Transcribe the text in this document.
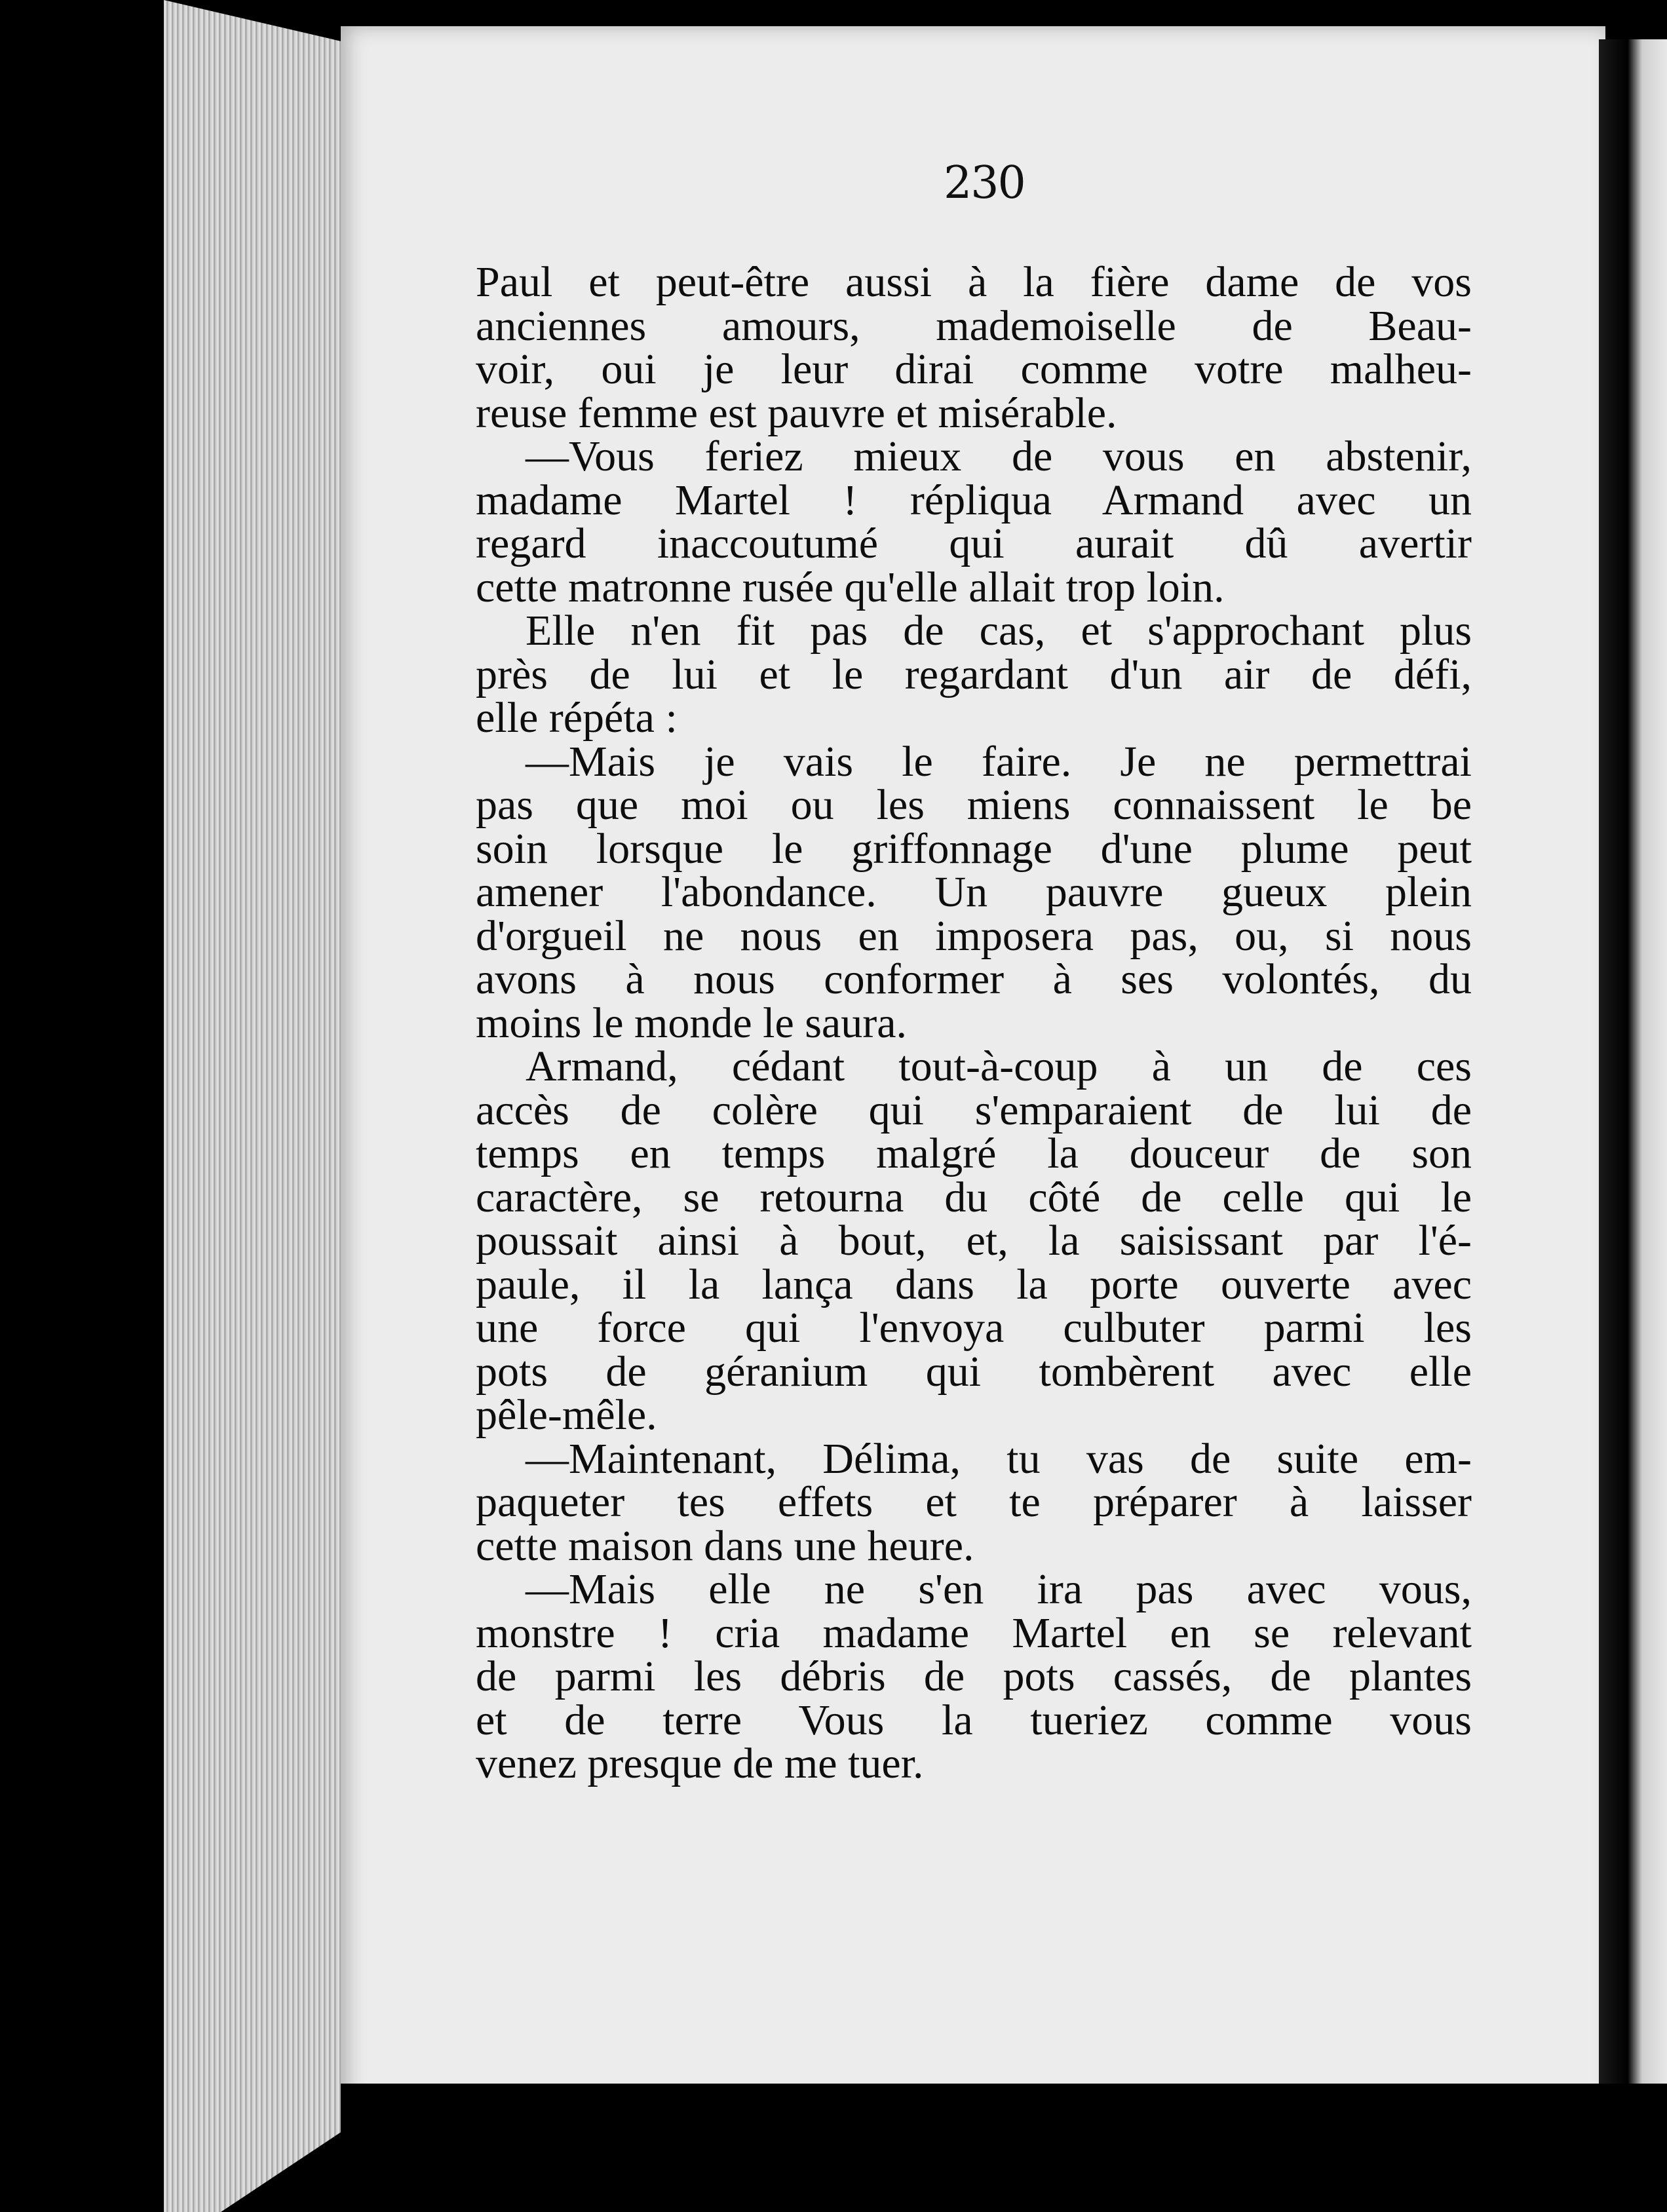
230
Paul et peut-être aussi à la fière dame de vos
anciennes amours, mademoiselle de Beau-
voir, oui je leur dirai comme votre malheu-
reuse femme est pauvre et misérable.
—Vous feriez mieux de vous en abstenir,
madame Martel ! répliqua Armand avec un
regard inaccoutumé qui aurait dû avertir
cette matronne rusée qu'elle allait trop loin.
Elle n'en fit pas de cas, et s'approchant plus
près de lui et le regardant d'un air de défi,
elle répéta :
—Mais je vais le faire. Je ne permettrai
pas que moi ou les miens connaissent le be
soin lorsque le griffonnage d'une plume peut
amener l'abondance. Un pauvre gueux plein
d'orgueil ne nous en imposera pas, ou, si nous
avons à nous conformer à ses volontés, du
moins le monde le saura.
Armand, cédant tout-à-coup à un de ces
accès de colère qui s'emparaient de lui de
temps en temps malgré la douceur de son
caractère, se retourna du côté de celle qui le
poussait ainsi à bout, et, la saisissant par l'é-
paule, il la lança dans la porte ouverte avec
une force qui l'envoya culbuter parmi les
pots de géranium qui tombèrent avec elle
pêle-mêle.
—Maintenant, Délima, tu vas de suite em-
paqueter tes effets et te préparer à laisser
cette maison dans une heure.
—Mais elle ne s'en ira pas avec vous,
monstre ! cria madame Martel en se relevant
de parmi les débris de pots cassés, de plantes
et de terre Vous la tueriez comme vous
venez presque de me tuer.
